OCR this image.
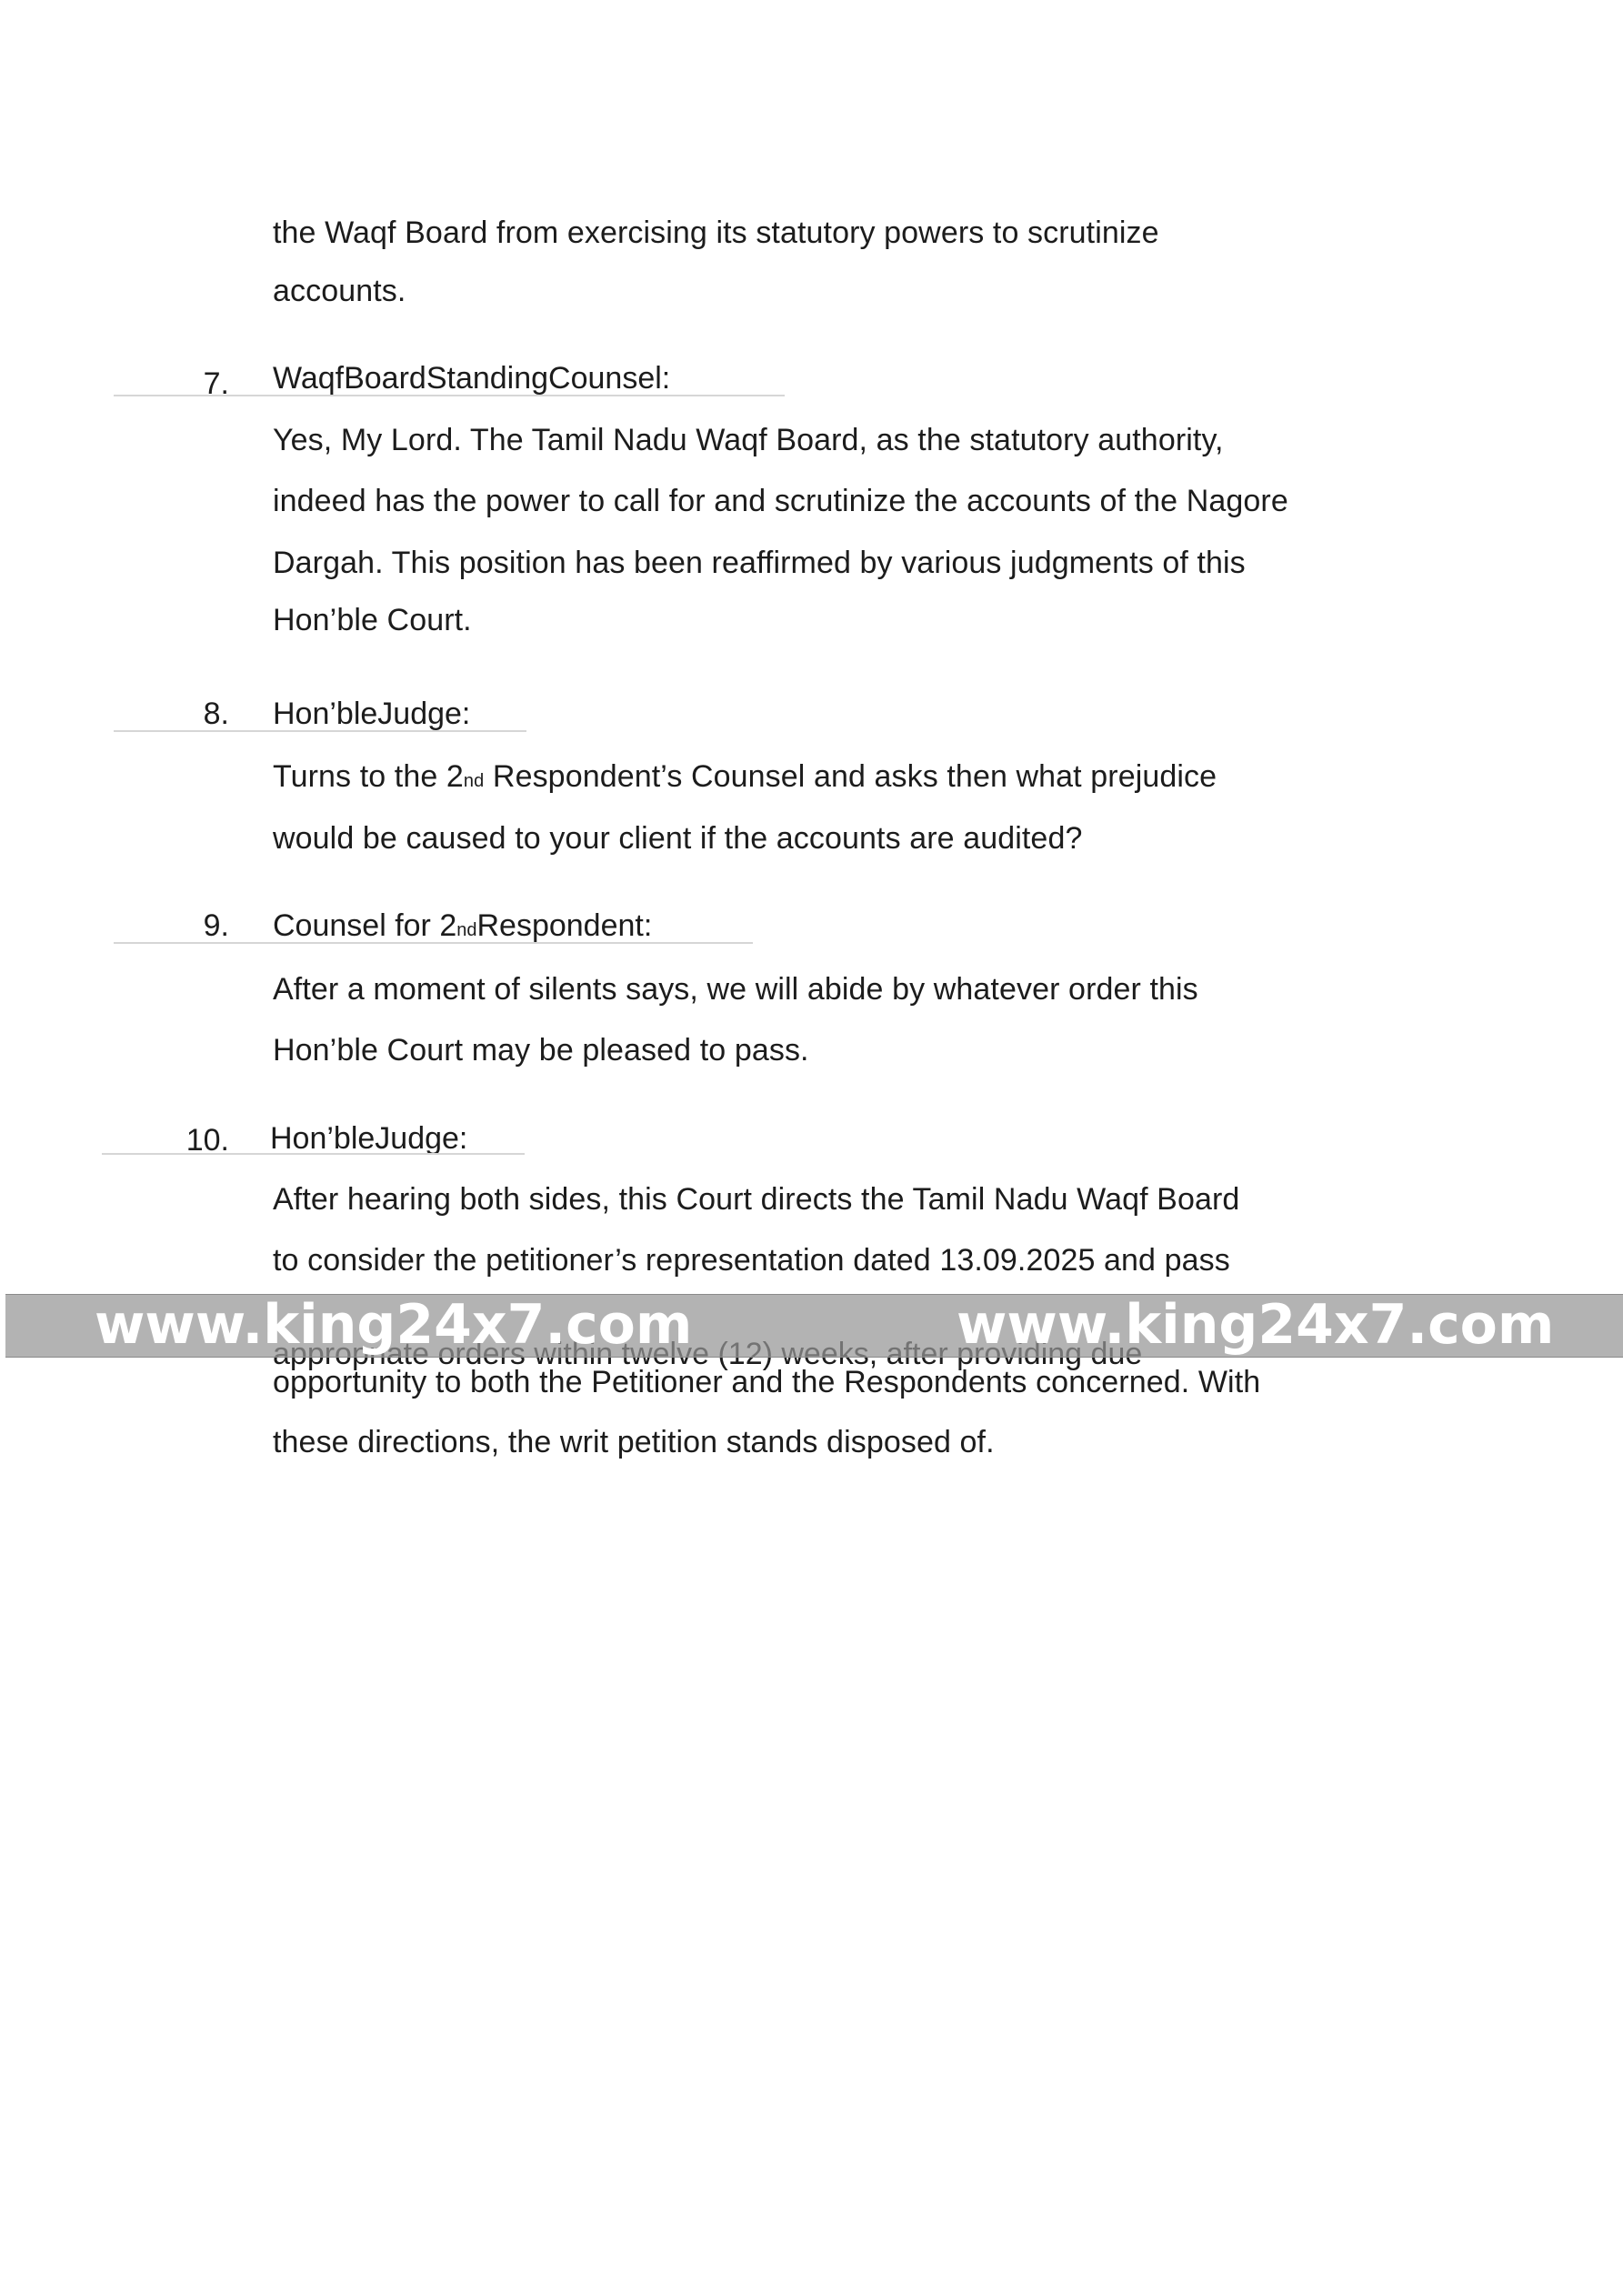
the Waqf Board from exercising its statutory powers to scrutinize

accounts.

7. WaqfBoardStandingCounsel:

Yes, My Lord. The Tamil Nadu Waqf Board, as the statutory authority,

indeed has the power to call for and scrutinize the accounts of the Nagore

Dargah. This position has been reaffirmed by various judgments of this

Hon’ble Court.

8. Hon’bleJudge:

Turns to the 2nd Respondent’s Counsel and asks then what prejudice

would be caused to your client if the accounts are audited?

9. Counsel for 2ndRespondent:

After a moment of silents says, we will abide by whatever order this

Hon’ble Court may be pleased to pass.

10. Hon’bleJudge:

After hearing both sides, this Court directs the Tamil Nadu Waqf Board

to consider the petitioner’s representation dated 13.09.2025 and pass

opportunity to both the Petitioner and the Respondents concerned. With

these directions, the writ petition stands disposed of.

www.king24x7.com	www.king24x7.com
